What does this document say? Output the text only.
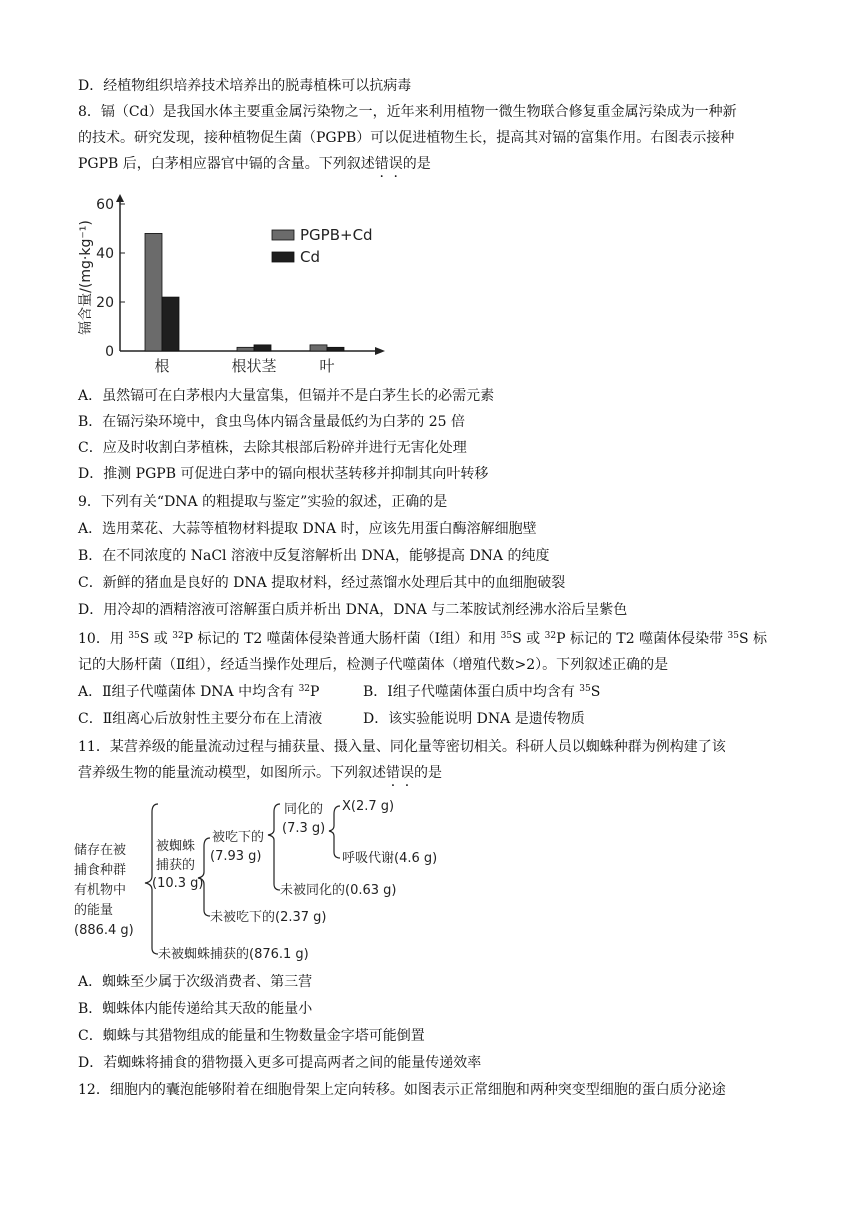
D．经植物组织培养技术培养出的脱毒植株可以抗病毒
8．镉（Cd）是我国水体主要重金属污染物之一，近年来利用植物一微生物联合修复重金属污染成为一种新
的技术。研究发现，接种植物促生菌（PGPB）可以促进植物生长，提高其对镉的富集作用。右图表示接种
PGPB 后，白茅相应器官中镉的含量。下列叙述错误的是
0
20
40
60
镉含量/(mg·kg⁻¹)
根	根状茎	叶
PGPB+Cd
Cd
A．虽然镉可在白茅根内大量富集，但镉并不是白茅生长的必需元素
B．在镉污染环境中，食虫鸟体内镉含量最低约为白茅的 25 倍
C．应及时收割白茅植株，去除其根部后粉碎并进行无害化处理
D．推测 PGPB 可促进白茅中的镉向根状茎转移并抑制其向叶转移
9．下列有关“DNA 的粗提取与鉴定”实验的叙述，正确的是
A．选用菜花、大蒜等植物材料提取 DNA 时，应该先用蛋白酶溶解细胞壁
B．在不同浓度的 NaCl 溶液中反复溶解析出 DNA，能够提高 DNA 的纯度
C．新鲜的猪血是良好的 DNA 提取材料，经过蒸馏水处理后其中的血细胞破裂
D．用冷却的酒精溶液可溶解蛋白质并析出 DNA，DNA 与二苯胺试剂经沸水浴后呈紫色
10．用 $^{35}$S 或 $^{32}$P 标记的 T2 噬菌体侵染普通大肠杆菌（Ⅰ组）和用 $^{35}$S 或 $^{32}$P 标记的 T2 噬菌体侵染带 $^{35}$S 标
记的大肠杆菌（Ⅱ组），经适当操作处理后，检测子代噬菌体（增殖代数>2）。下列叙述正确的是
A．Ⅱ组子代噬菌体 DNA 中均含有 $^{32}$P	B．Ⅰ组子代噬菌体蛋白质中均含有 $^{35}$S
C．Ⅱ组离心后放射性主要分布在上清液	D．该实验能说明 DNA 是遗传物质
11．某营养级的能量流动过程与捕获量、摄入量、同化量等密切相关。科研人员以蜘蛛种群为例构建了该
营养级生物的能量流动模型，如图所示。下列叙述错误的是
储存在被
捕食种群
有机物中
的能量
(886.4 g)
被蜘蛛
捕获的
(10.3 g)
被吃下的
(7.93 g)
同化的
(7.3 g)
X(2.7 g)
呼吸代谢(4.6 g)
未被同化的(0.63 g)
未被吃下的(2.37 g)
未被蜘蛛捕获的(876.1 g)
A．蜘蛛至少属于次级消费者、第三营
B．蜘蛛体内能传递给其天敌的能量小
C．蜘蛛与其猎物组成的能量和生物数量金字塔可能倒置
D．若蜘蛛将捕食的猎物摄入更多可提高两者之间的能量传递效率
12．细胞内的囊泡能够附着在细胞骨架上定向转移。如图表示正常细胞和两种突变型细胞的蛋白质分泌途
